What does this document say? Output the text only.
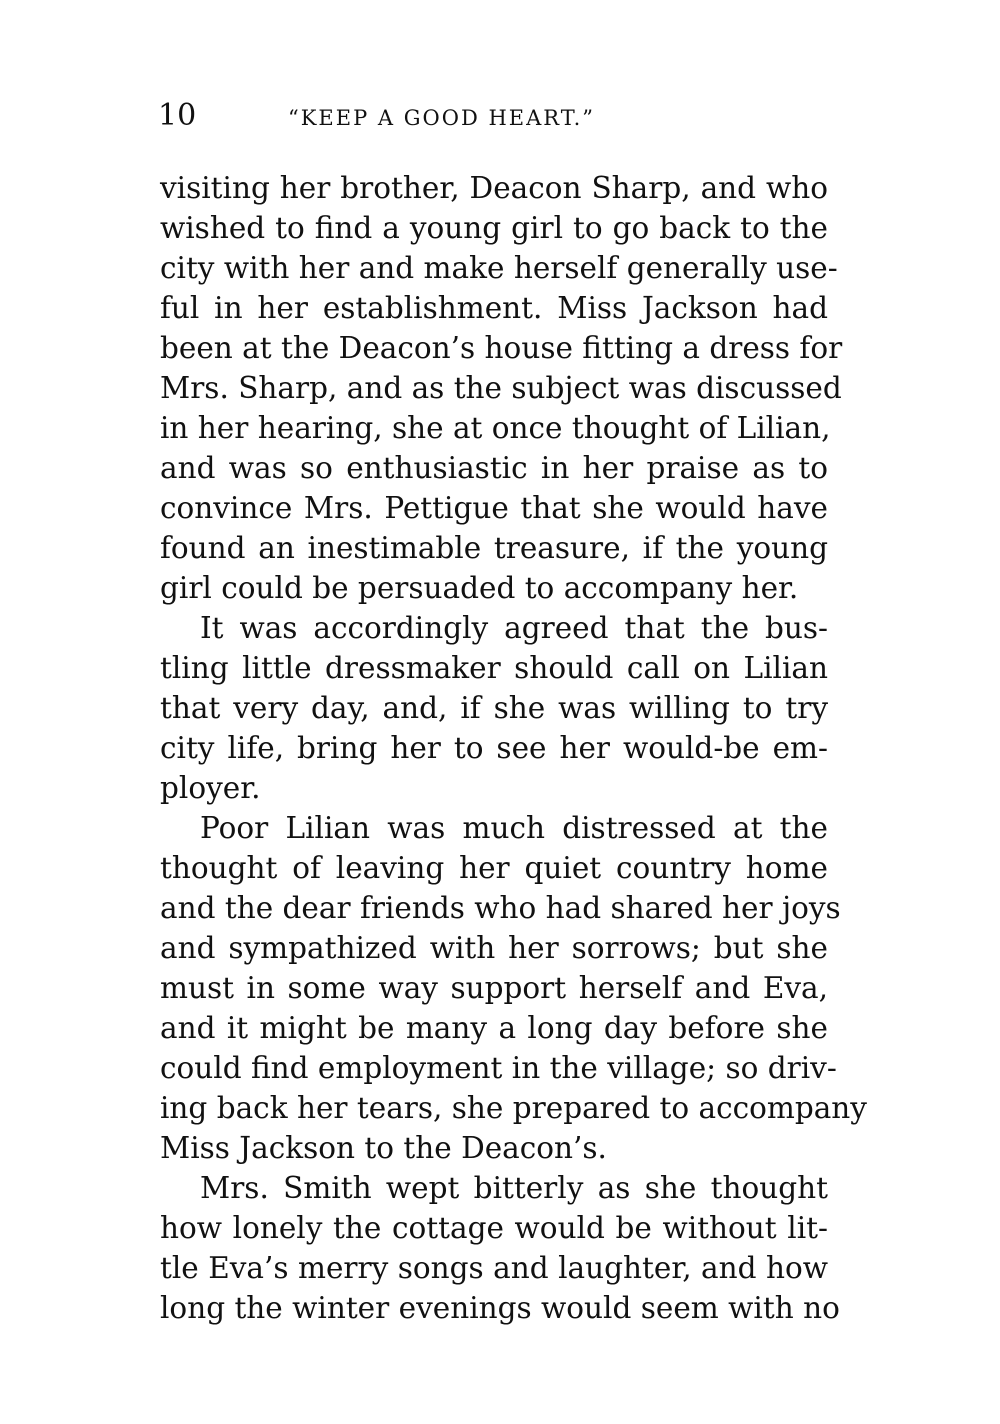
10	“KEEP A GOOD HEART.”
visiting her brother, Deacon Sharp, and who
wished to find a young girl to go back to the
city with her and make herself generally use-
ful in her establishment. Miss Jackson had
been at the Deacon’s house fitting a dress for
Mrs. Sharp, and as the subject was discussed
in her hearing, she at once thought of Lilian,
and was so enthusiastic in her praise as to
convince Mrs. Pettigue that she would have
found an inestimable treasure, if the young
girl could be persuaded to accompany her.
It was accordingly agreed that the bus-
tling little dressmaker should call on Lilian
that very day, and, if she was willing to try
city life, bring her to see her would-be em-
ployer.
Poor Lilian was much distressed at the
thought of leaving her quiet country home
and the dear friends who had shared her joys
and sympathized with her sorrows; but she
must in some way support herself and Eva,
and it might be many a long day before she
could find employment in the village; so driv-
ing back her tears, she prepared to accompany
Miss Jackson to the Deacon’s.
Mrs. Smith wept bitterly as she thought
how lonely the cottage would be without lit-
tle Eva’s merry songs and laughter, and how
long the winter evenings would seem with no
